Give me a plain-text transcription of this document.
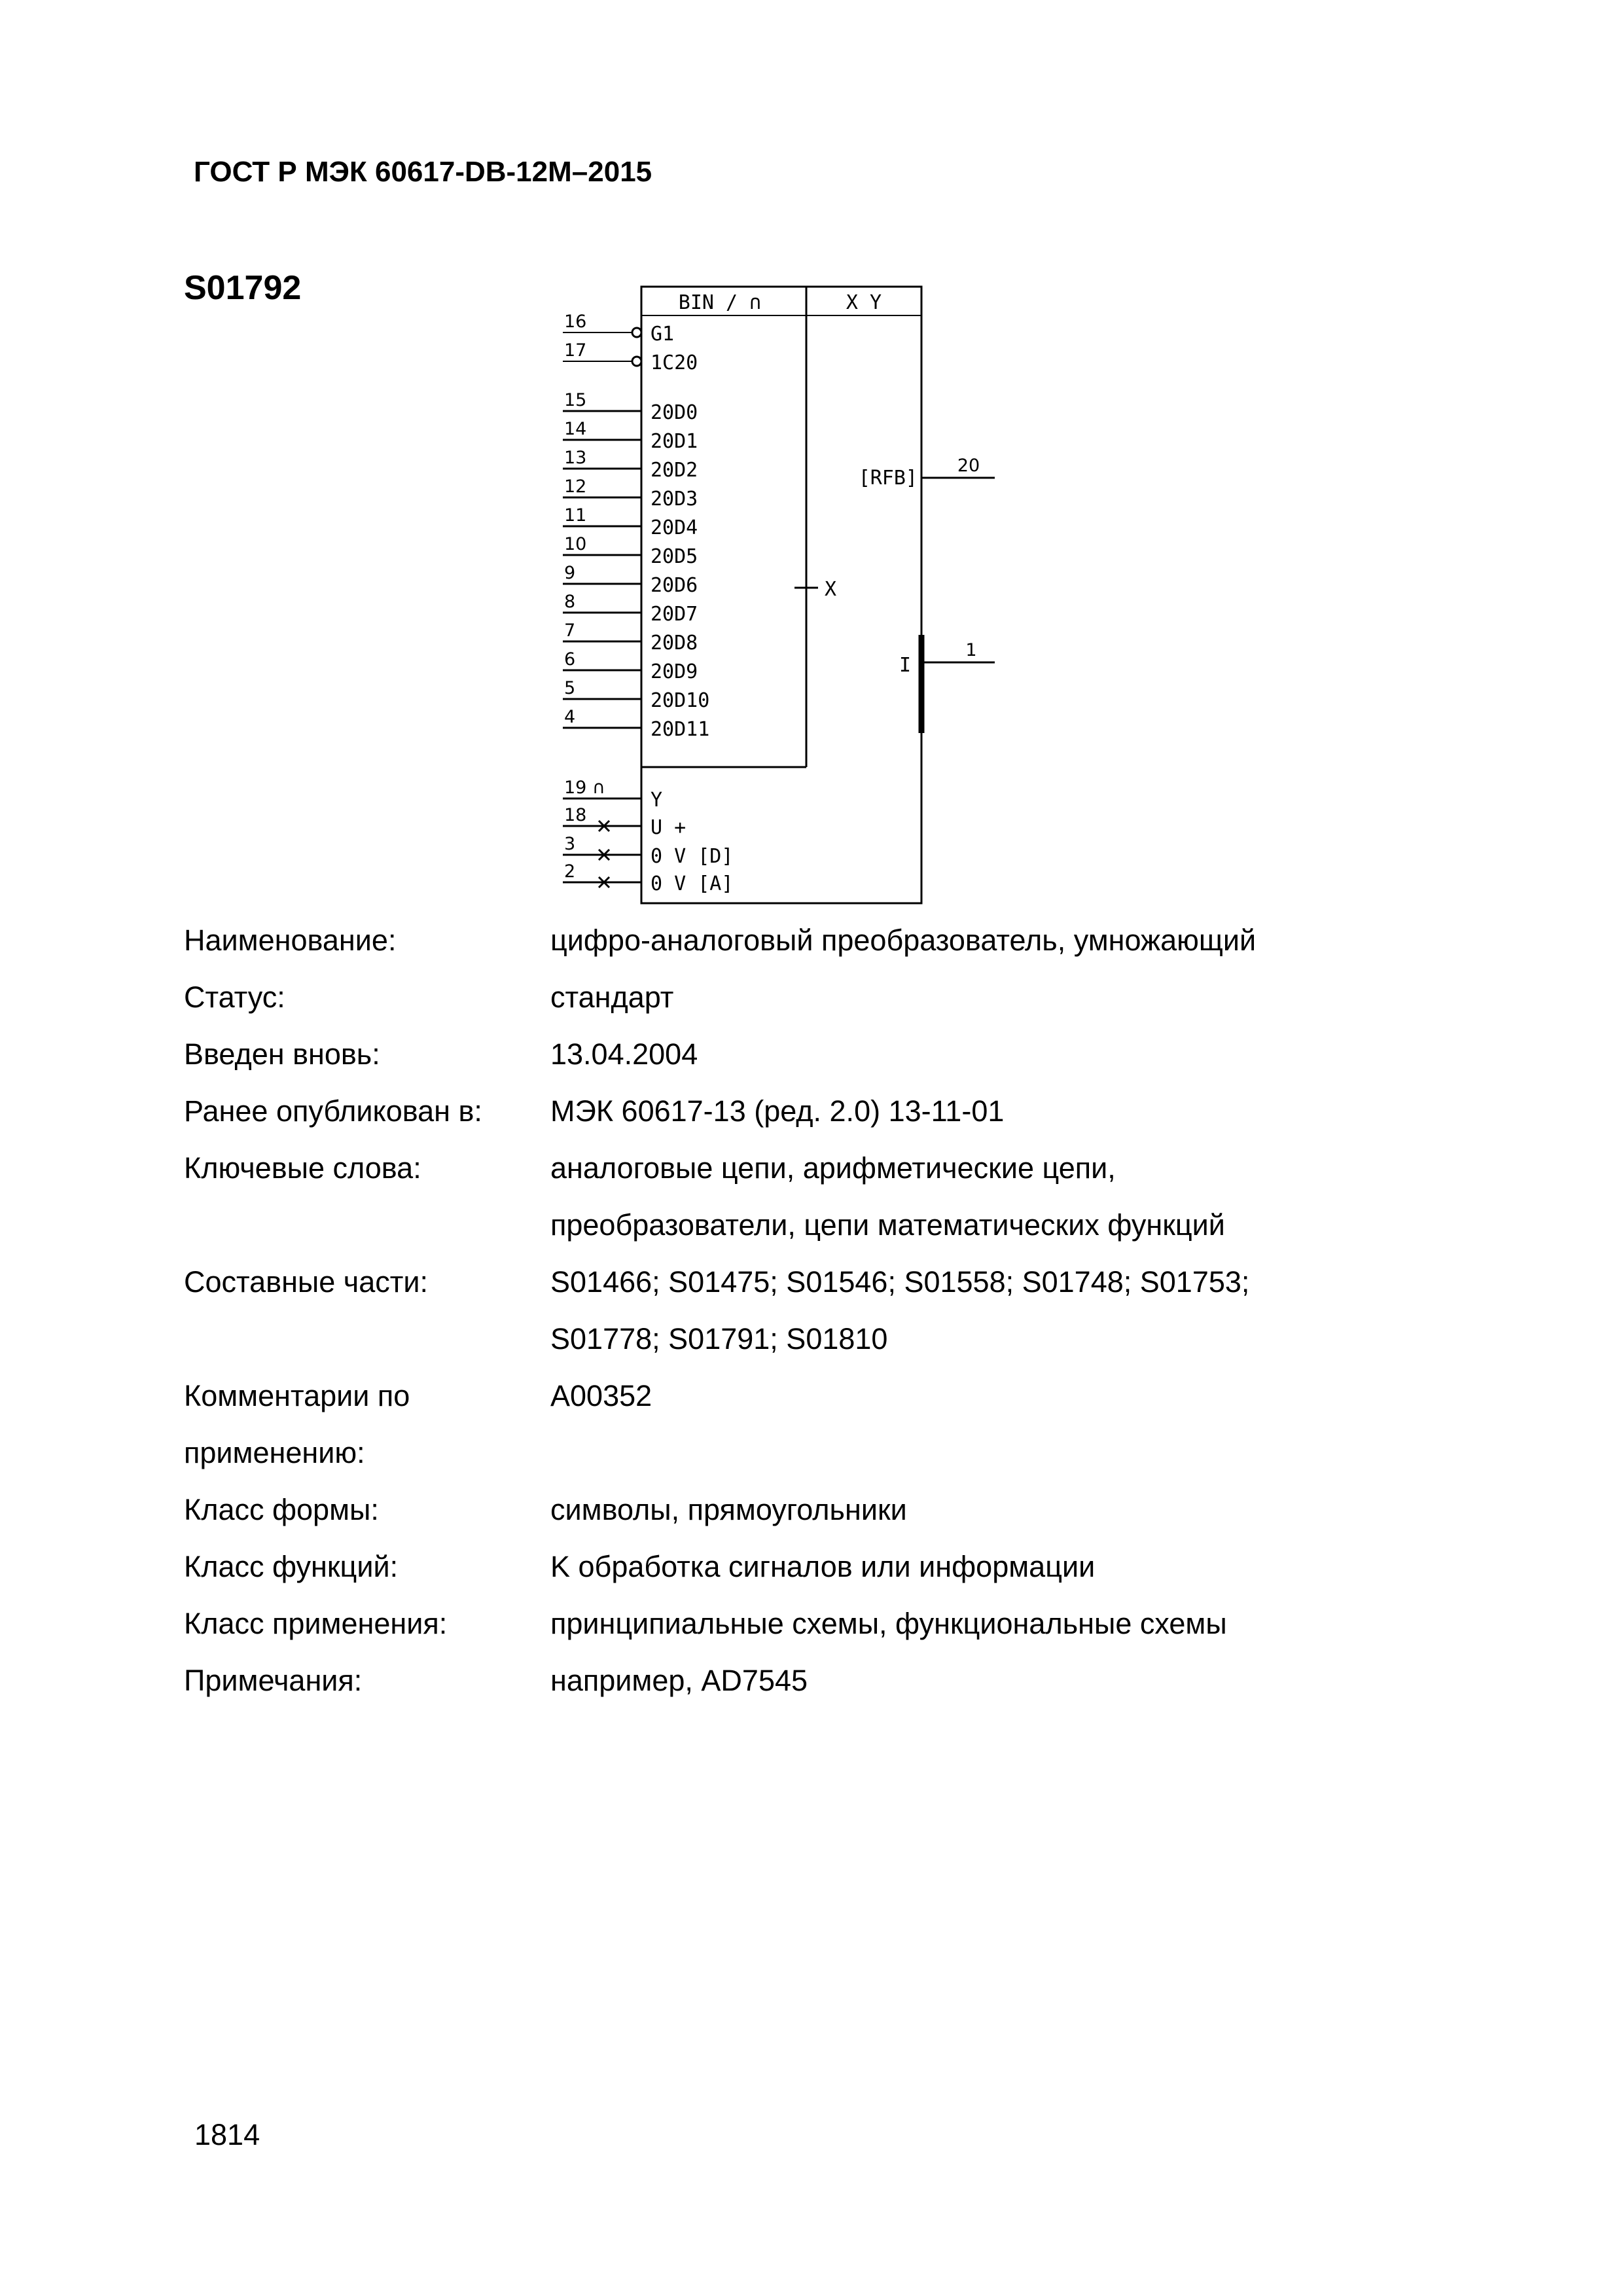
ГОСТ Р МЭК 60617-DB-12М–2015
S01792	BIN / ∩	X Y
16
G1
17
1C20
15
20D0
14
20D1
13
20D2
12
20D3
11
20D4
10
20D5
9
20D6
8
20D7
7
20D8
6
20D9
5
20D10
4
20D11
19 ∩
Y
18
U +
3
0 V [D]
2
0 V [A]
X
[RFB]
20
I
1
Наименование:	цифро-аналоговый преобразователь, умножающий
Статус:	стандарт
Введен вновь:	13.04.2004
Ранее опубликован в:	МЭК 60617-13 (ред. 2.0) 13-11-01
Ключевые слова:	аналоговые цепи, арифметические цепи,
преобразователи, цепи математических функций
Составные части:	S01466; S01475; S01546; S01558; S01748; S01753;
S01778; S01791; S01810
Комментарии по
применению:
A00352
Класс формы:	символы, прямоугольники
Класс функций:	K обработка сигналов или информации
Класс применения:	принципиальные схемы, функциональные схемы
Примечания:	например, AD7545
1814
